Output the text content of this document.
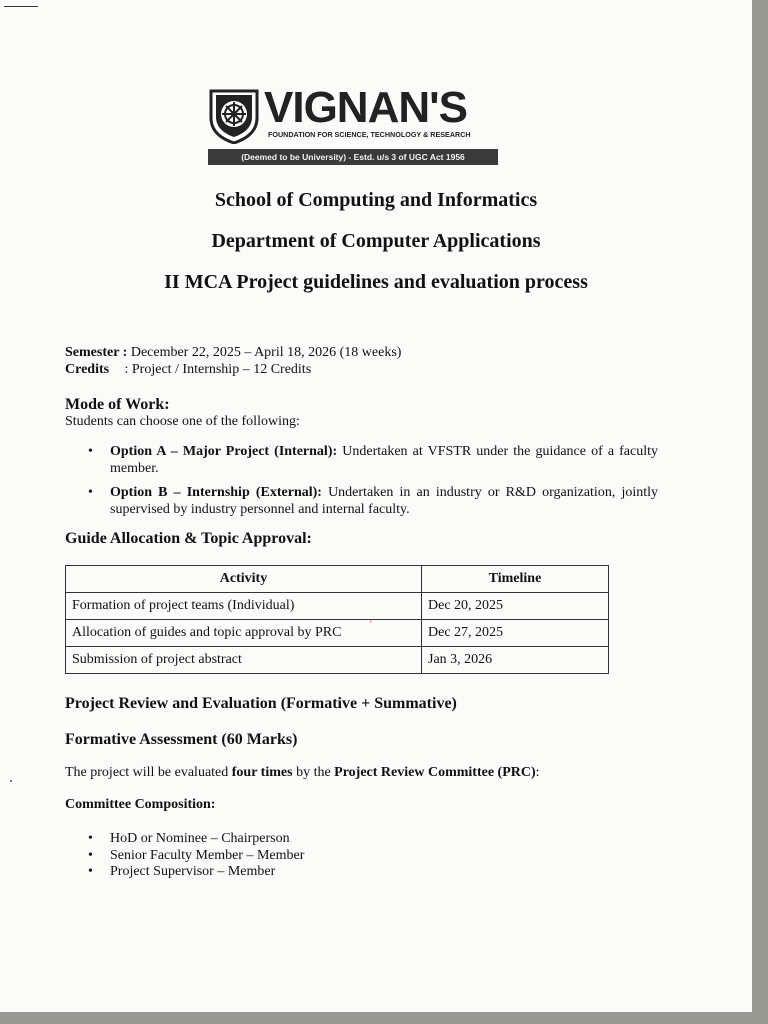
VIGNAN'S
FOUNDATION FOR SCIENCE, TECHNOLOGY & RESEARCH
(Deemed to be University) - Estd. u/s 3 of UGC Act 1956
School of Computing and Informatics
Department of Computer Applications
II MCA Project guidelines and evaluation process
Semester : December 22, 2025 – April 18, 2026 (18 weeks)
Credits : Project / Internship – 12 Credits
Mode of Work:
Students can choose one of the following:
• Option A – Major Project (Internal): Undertaken at VFSTR under the guidance of a faculty member.
• Option B – Internship (External): Undertaken in an industry or R&D organization, jointly supervised by industry personnel and internal faculty.
Guide Allocation & Topic Approval:
Activity	Timeline
Formation of project teams (Individual)	Dec 20, 2025
Allocation of guides and topic approval by PRC	Dec 27, 2025
Submission of project abstract	Jan 3, 2026
˚
Project Review and Evaluation (Formative + Summative)
Formative Assessment (60 Marks)
The project will be evaluated four times by the Project Review Committee (PRC):
Committee Composition:
• HoD or Nominee – Chairperson
• Senior Faculty Member – Member
• Project Supervisor – Member
